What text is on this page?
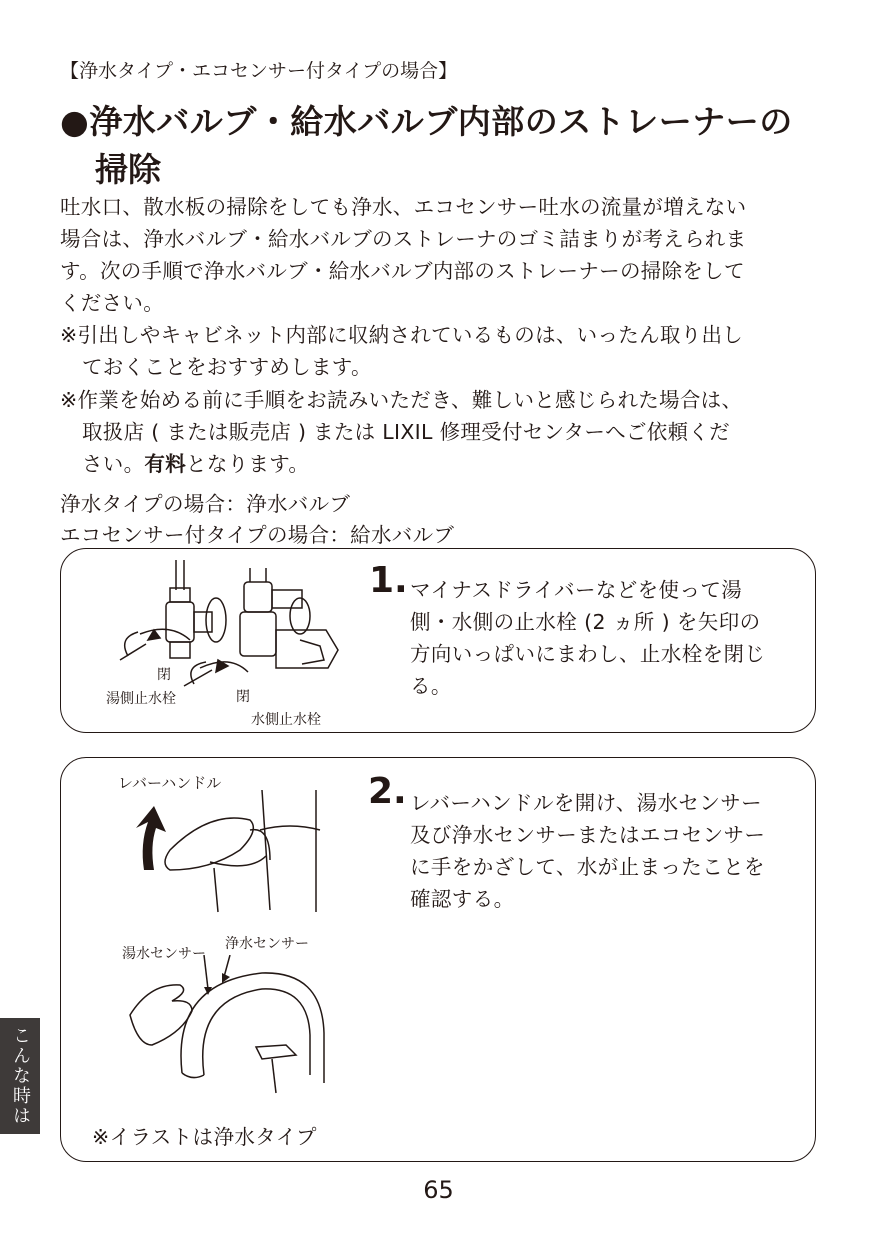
【浄水タイプ・エコセンサー付タイプの場合】
●浄水バルブ・給水バルブ内部のストレーナーの
掃除
吐水口、散水板の掃除をしても浄水、エコセンサー吐水の流量が増えない
場合は、浄水バルブ・給水バルブのストレーナのゴミ詰まりが考えられま
す。次の手順で浄水バルブ・給水バルブ内部のストレーナーの掃除をして
ください。
※引出しやキャビネット内部に収納されているものは、いったん取り出し
ておくことをおすすめします。
※作業を始める前に手順をお読みいただき、難しいと感じられた場合は、
取扱店 ( または販売店 ) または LIXIL 修理受付センターへご依頼くだ
さい。有料となります。
浄水タイプの場合：浄水バルブ
エコセンサー付タイプの場合：給水バルブ
閉
閉
湯側止水栓
水側止水栓
1. マイナスドライバーなどを使って湯
側・水側の止水栓 (2 ヵ所 ) を矢印の
方向いっぱいにまわし、止水栓を閉じ
る。
レバーハンドル
湯水センサー
浄水センサー
※イラストは浄水タイプ
2. レバーハンドルを開け、湯水センサー
及び浄水センサーまたはエコセンサー
に手をかざして、水が止まったことを
確認する。
こんな時は
65
